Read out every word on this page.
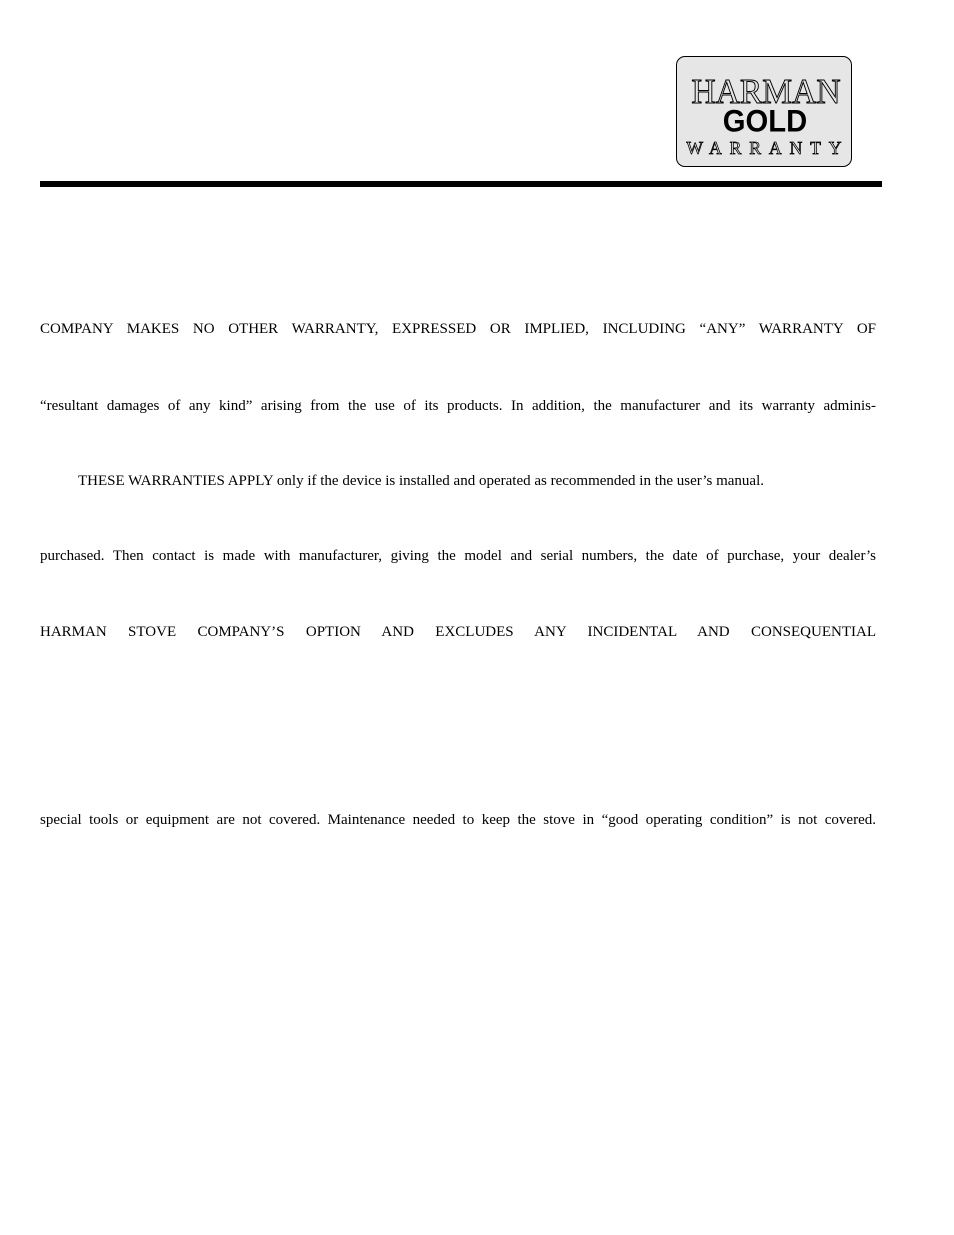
HARMAN
GOLD
WARRANTY
COMPANY MAKES NO OTHER WARRANTY, EXPRESSED OR IMPLIED, INCLUDING “ANY” WARRANTY OF
“resultant damages of any kind” arising from the use of its products. In addition, the manufacturer and its warranty adminis-
THESE WARRANTIES APPLY only if the device is installed and operated as recommended in the user’s manual.
purchased. Then contact is made with manufacturer, giving the model and serial numbers, the date of purchase, your dealer’s
HARMAN STOVE COMPANY’S OPTION AND EXCLUDES ANY INCIDENTAL AND CONSEQUENTIAL
special tools or equipment are not covered. Maintenance needed to keep the stove in “good operating condition” is not covered.
